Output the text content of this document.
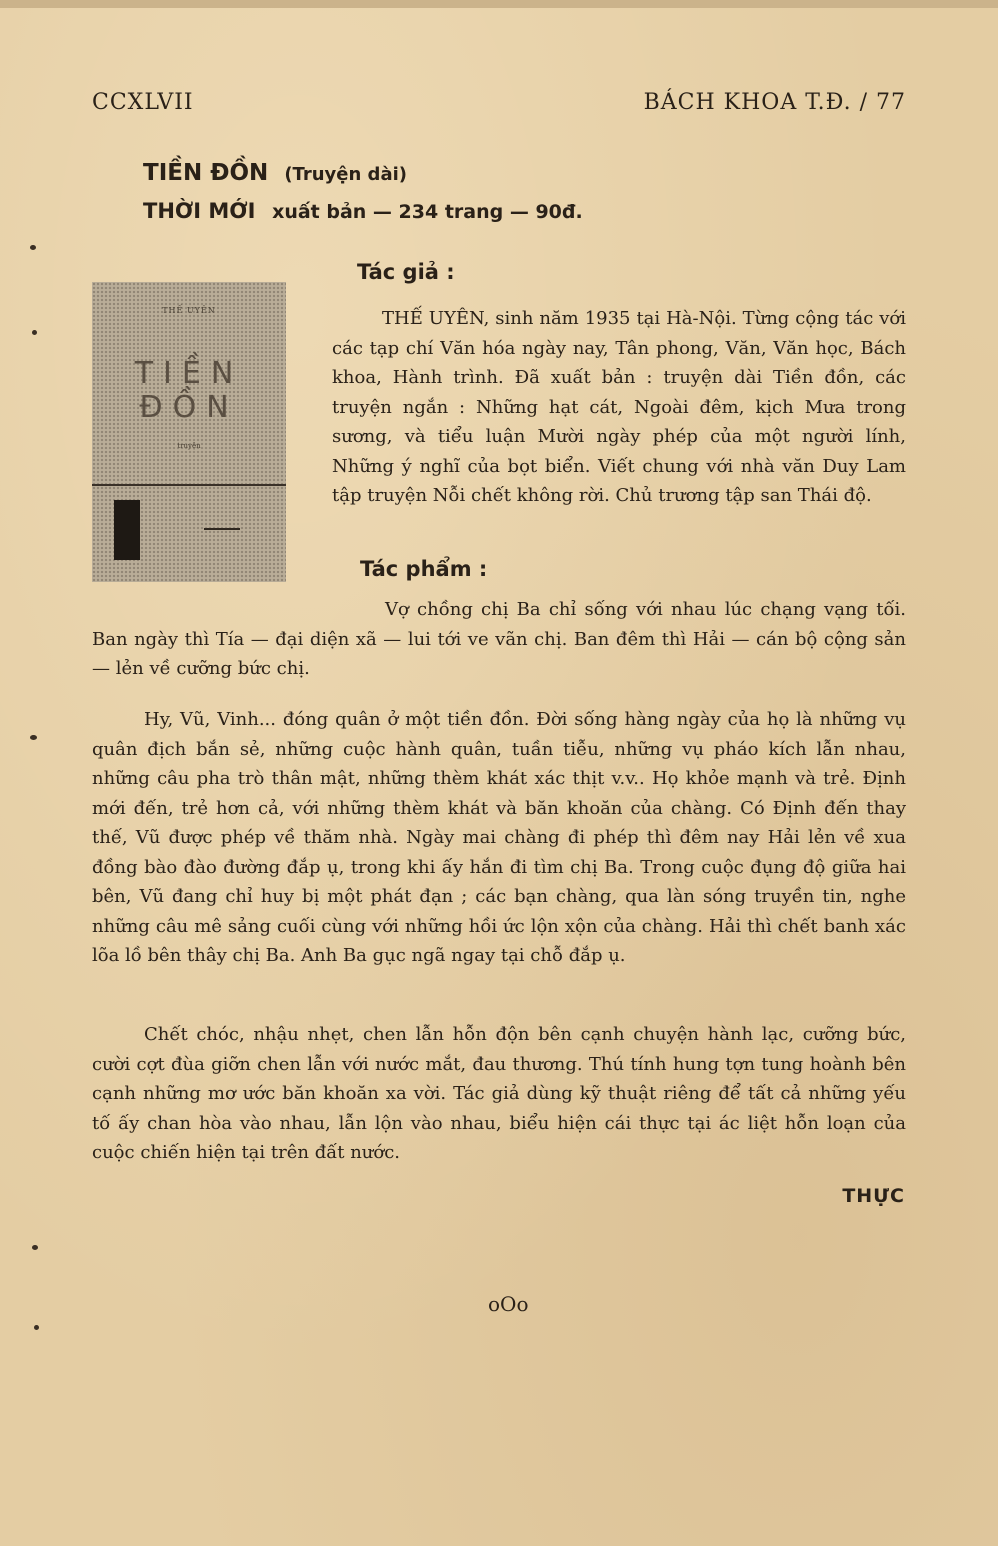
CCXLVII	BÁCH KHOA T.Đ. / 77
TIỀN ĐỒN (Truyện dài)
THỜI MỚI xuất bản — 234 trang — 90đ.
THẾ UYÊN
TIỀN
ĐỒN
truyện
Tác giả :
THẾ UYÊN, sinh năm 1935 tại Hà-Nội. Từng cộng tác với các tạp chí Văn hóa ngày nay, Tân phong, Văn, Văn học, Bách khoa, Hành trình. Đã xuất bản : truyện dài Tiền đồn, các truyện ngắn : Những hạt cát, Ngoài đêm, kịch Mưa trong sương, và tiểu luận Mười ngày phép của một người lính, Những ý nghĩ của bọt biển. Viết chung với nhà văn Duy Lam tập truyện Nỗi chết không rời. Chủ trương tập san Thái độ.
Tác phẩm :
Vợ chồng chị Ba chỉ sống với nhau lúc chạng vạng tối. Ban ngày thì Tía — đại diện xã — lui tới ve vãn chị. Ban đêm thì Hải — cán bộ cộng sản — lẻn về cưỡng bức chị.
Hy, Vũ, Vinh... đóng quân ở một tiền đồn. Đời sống hàng ngày của họ là những vụ quân địch bắn sẻ, những cuộc hành quân, tuần tiễu, những vụ pháo kích lẫn nhau, những câu pha trò thân mật, những thèm khát xác thịt v.v.. Họ khỏe mạnh và trẻ. Định mới đến, trẻ hơn cả, với những thèm khát và băn khoăn của chàng. Có Định đến thay thế, Vũ được phép về thăm nhà. Ngày mai chàng đi phép thì đêm nay Hải lẻn về xua đồng bào đào đường đắp ụ, trong khi ấy hắn đi tìm chị Ba. Trong cuộc đụng độ giữa hai bên, Vũ đang chỉ huy bị một phát đạn ; các bạn chàng, qua làn sóng truyền tin, nghe những câu mê sảng cuối cùng với những hồi ức lộn xộn của chàng. Hải thì chết banh xác lõa lồ bên thây chị Ba. Anh Ba gục ngã ngay tại chỗ đắp ụ.
Chết chóc, nhậu nhẹt, chen lẫn hỗn độn bên cạnh chuyện hành lạc, cưỡng bức, cười cợt đùa giỡn chen lẫn với nước mắt, đau thương. Thú tính hung tợn tung hoành bên cạnh những mơ ước băn khoăn xa vời. Tác giả dùng kỹ thuật riêng để tất cả những yếu tố ấy chan hòa vào nhau, lẫn lộn vào nhau, biểu hiện cái thực tại ác liệt hỗn loạn của cuộc chiến hiện tại trên đất nước.
THỰC
oOo
